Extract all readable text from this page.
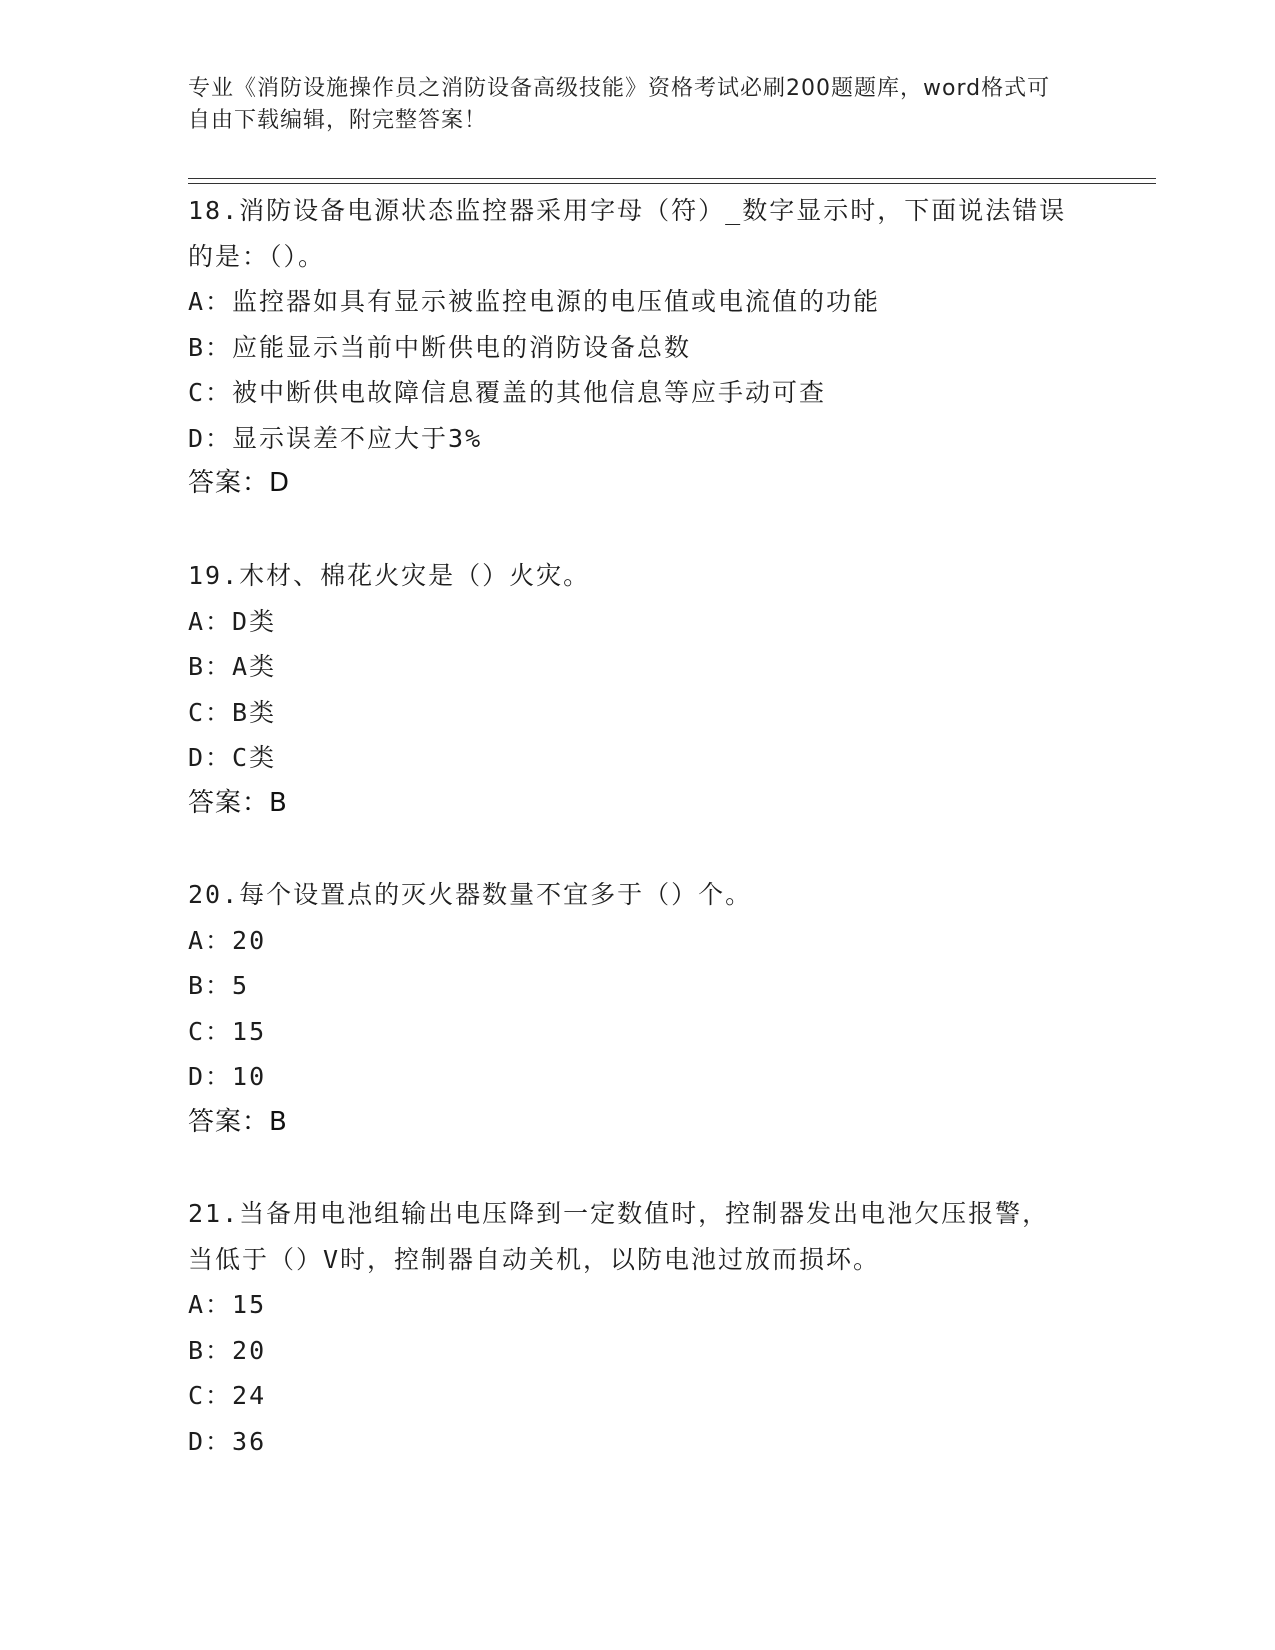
专业《消防设施操作员之消防设备高级技能》资格考试必刷200题题库，word格式可自由下载编辑，附完整答案！
18.消防设备电源状态监控器采用字母（符）_数字显示时，下面说法错误的是：（）。
A：监控器如具有显示被监控电源的电压值或电流值的功能
B：应能显示当前中断供电的消防设备总数
C：被中断供电故障信息覆盖的其他信息等应手动可查
D：显示误差不应大于3%
答案：D
19.木材、棉花火灾是（）火灾。
A：D类
B：A类
C：B类
D：C类
答案：B
20.每个设置点的灭火器数量不宜多于（）个。
A：20
B：5
C：15
D：10
答案：B
21.当备用电池组输出电压降到一定数值时，控制器发出电池欠压报警，当低于（）V时，控制器自动关机，以防电池过放而损坏。
A：15
B：20
C：24
D：36
